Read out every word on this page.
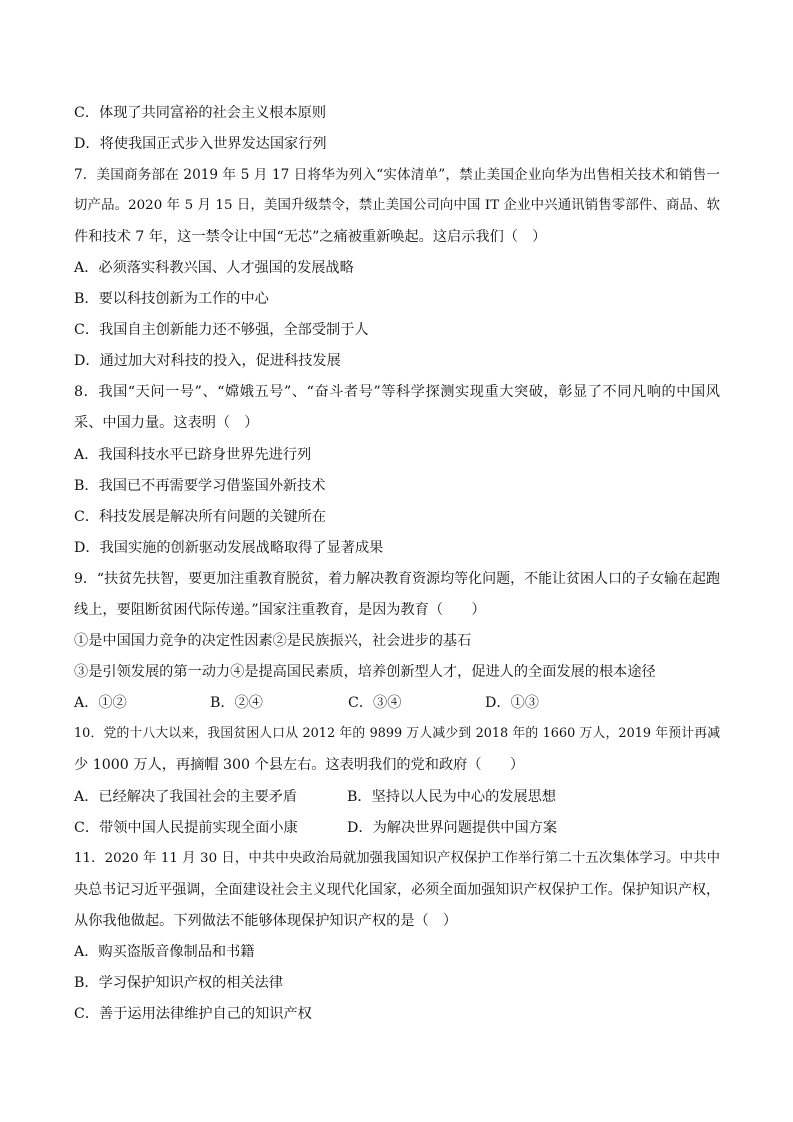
C．体现了共同富裕的社会主义根本原则
D．将使我国正式步入世界发达国家行列
7．美国商务部在 2019 年 5 月 17 日将华为列入“实体清单”，禁止美国企业向华为出售相关技术和销售一
切产品。2020 年 5 月 15 日，美国升级禁令，禁止美国公司向中国 IT 企业中兴通讯销售零部件、商品、软
件和技术 7 年，这一禁令让中国“无芯”之痛被重新唤起。这启示我们（　）
A．必须落实科教兴国、人才强国的发展战略
B．要以科技创新为工作的中心
C．我国自主创新能力还不够强，全部受制于人
D．通过加大对科技的投入，促进科技发展
8．我国“天问一号”、“嫦娥五号”、“奋斗者号”等科学探测实现重大突破，彰显了不同凡响的中国风
采、中国力量。这表明（　）
A．我国科技水平已跻身世界先进行列
B．我国已不再需要学习借鉴国外新技术
C．科技发展是解决所有问题的关键所在
D．我国实施的创新驱动发展战略取得了显著成果
9．“扶贫先扶智，要更加注重教育脱贫，着力解决教育资源均等化问题，不能让贫困人口的子女输在起跑
线上，要阻断贫困代际传递。”国家注重教育，是因为教育（　　）
①是中国国力竞争的决定性因素②是民族振兴，社会进步的基石
③是引领发展的第一动力④是提高国民素质，培养创新型人才，促进人的全面发展的根本途径
A．①②	B．②④	C．③④	D．①③
10．党的十八大以来，我国贫困人口从 2012 年的 9899 万人减少到 2018 年的 1660 万人，2019 年预计再减
少 1000 万人，再摘帽 300 个县左右。这表明我们的党和政府（　　）
A．已经解决了我国社会的主要矛盾	B．坚持以人民为中心的发展思想
C．带领中国人民提前实现全面小康	D．为解决世界问题提供中国方案
11．2020 年 11 月 30 日，中共中央政治局就加强我国知识产权保护工作举行第二十五次集体学习。中共中
央总书记习近平强调，全面建设社会主义现代化国家，必须全面加强知识产权保护工作。保护知识产权，
从你我他做起。下列做法不能够体现保护知识产权的是（　）
A．购买盗版音像制品和书籍
B．学习保护知识产权的相关法律
C．善于运用法律维护自己的知识产权
